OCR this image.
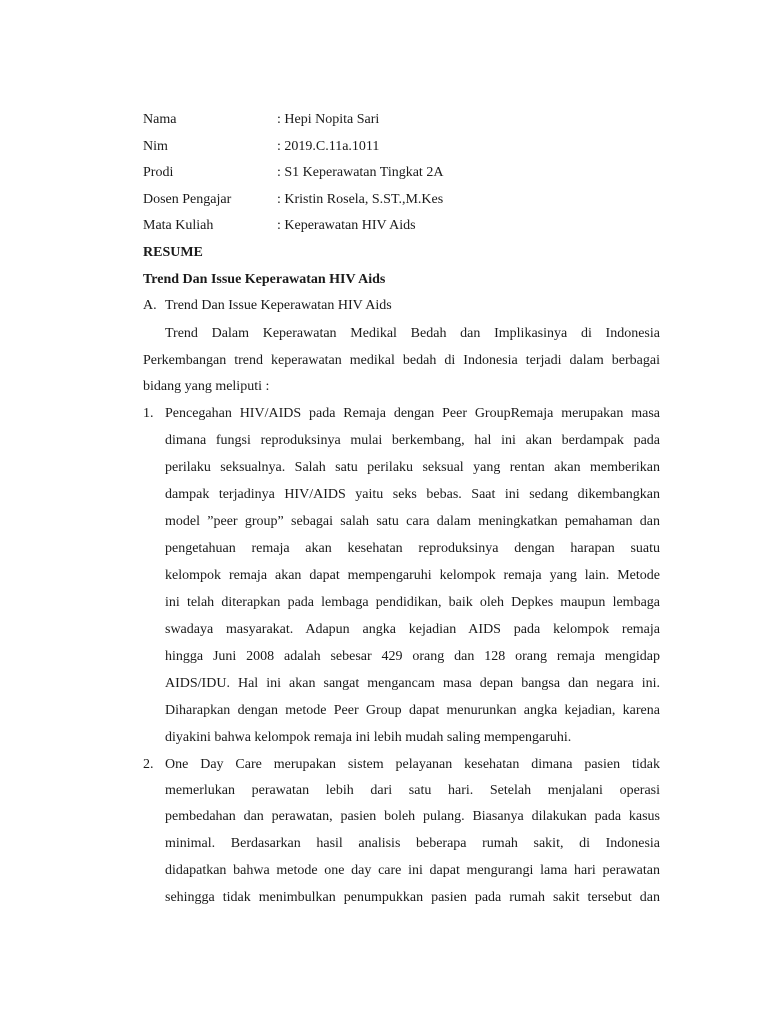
Nama	: Hepi Nopita Sari
Nim	: 2019.C.11a.1011
Prodi	: S1 Keperawatan Tingkat 2A
Dosen Pengajar	: Kristin Rosela, S.ST.,M.Kes
Mata Kuliah	: Keperawatan HIV Aids
RESUME
Trend Dan Issue Keperawatan HIV Aids
A. Trend Dan Issue Keperawatan HIV Aids
Trend Dalam Keperawatan Medikal Bedah dan Implikasinya di Indonesia
Perkembangan trend keperawatan medikal bedah di Indonesia terjadi dalam berbagai
bidang yang meliputi :
1. Pencegahan HIV/AIDS pada Remaja dengan Peer GroupRemaja merupakan masa
dimana fungsi reproduksinya mulai berkembang, hal ini akan berdampak pada
perilaku seksualnya. Salah satu perilaku seksual yang rentan akan memberikan
dampak terjadinya HIV/AIDS yaitu seks bebas. Saat ini sedang dikembangkan
model ”peer group” sebagai salah satu cara dalam meningkatkan pemahaman dan
pengetahuan remaja akan kesehatan reproduksinya dengan harapan suatu
kelompok remaja akan dapat mempengaruhi kelompok remaja yang lain. Metode
ini telah diterapkan pada lembaga pendidikan, baik oleh Depkes maupun lembaga
swadaya masyarakat. Adapun angka kejadian AIDS pada kelompok remaja
hingga Juni 2008 adalah sebesar 429 orang dan 128 orang remaja mengidap
AIDS/IDU. Hal ini akan sangat mengancam masa depan bangsa dan negara ini.
Diharapkan dengan metode Peer Group dapat menurunkan angka kejadian, karena
diyakini bahwa kelompok remaja ini lebih mudah saling mempengaruhi.
2. One Day Care merupakan sistem pelayanan kesehatan dimana pasien tidak
memerlukan perawatan lebih dari satu hari. Setelah menjalani operasi
pembedahan dan perawatan, pasien boleh pulang. Biasanya dilakukan pada kasus
minimal. Berdasarkan hasil analisis beberapa rumah sakit, di Indonesia
didapatkan bahwa metode one day care ini dapat mengurangi lama hari perawatan
sehingga tidak menimbulkan penumpukkan pasien pada rumah sakit tersebut dan
